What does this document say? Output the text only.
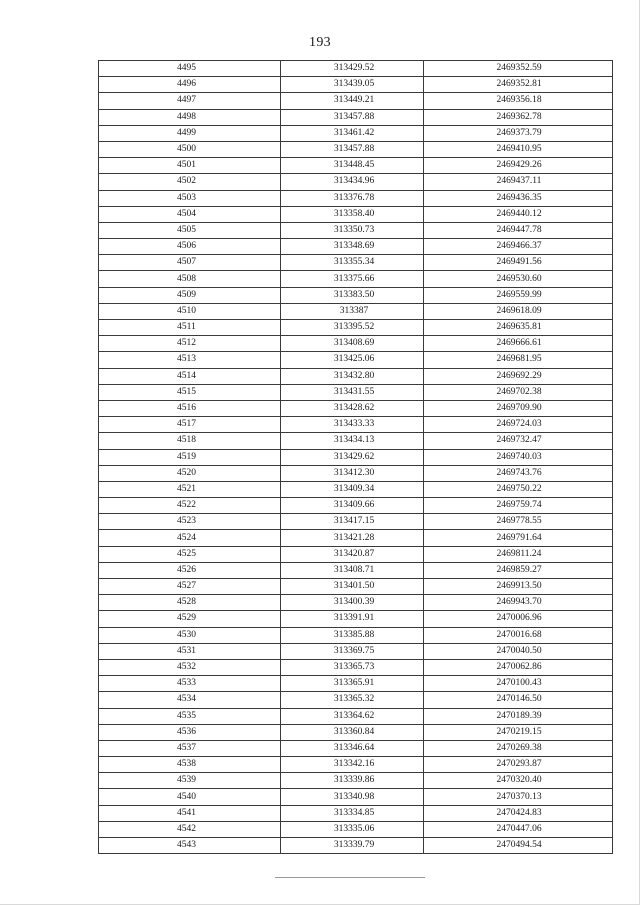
193
4495	313429.52	2469352.59
4496	313439.05	2469352.81
4497	313449.21	2469356.18
4498	313457.88	2469362.78
4499	313461.42	2469373.79
4500	313457.88	2469410.95
4501	313448.45	2469429.26
4502	313434.96	2469437.11
4503	313376.78	2469436.35
4504	313358.40	2469440.12
4505	313350.73	2469447.78
4506	313348.69	2469466.37
4507	313355.34	2469491.56
4508	313375.66	2469530.60
4509	313383.50	2469559.99
4510	313387	2469618.09
4511	313395.52	2469635.81
4512	313408.69	2469666.61
4513	313425.06	2469681.95
4514	313432.80	2469692.29
4515	313431.55	2469702.38
4516	313428.62	2469709.90
4517	313433.33	2469724.03
4518	313434.13	2469732.47
4519	313429.62	2469740.03
4520	313412.30	2469743.76
4521	313409.34	2469750.22
4522	313409.66	2469759.74
4523	313417.15	2469778.55
4524	313421.28	2469791.64
4525	313420.87	2469811.24
4526	313408.71	2469859.27
4527	313401.50	2469913.50
4528	313400.39	2469943.70
4529	313391.91	2470006.96
4530	313385.88	2470016.68
4531	313369.75	2470040.50
4532	313365.73	2470062.86
4533	313365.91	2470100.43
4534	313365.32	2470146.50
4535	313364.62	2470189.39
4536	313360.84	2470219.15
4537	313346.64	2470269.38
4538	313342.16	2470293.87
4539	313339.86	2470320.40
4540	313340.98	2470370.13
4541	313334.85	2470424.83
4542	313335.06	2470447.06
4543	313339.79	2470494.54
